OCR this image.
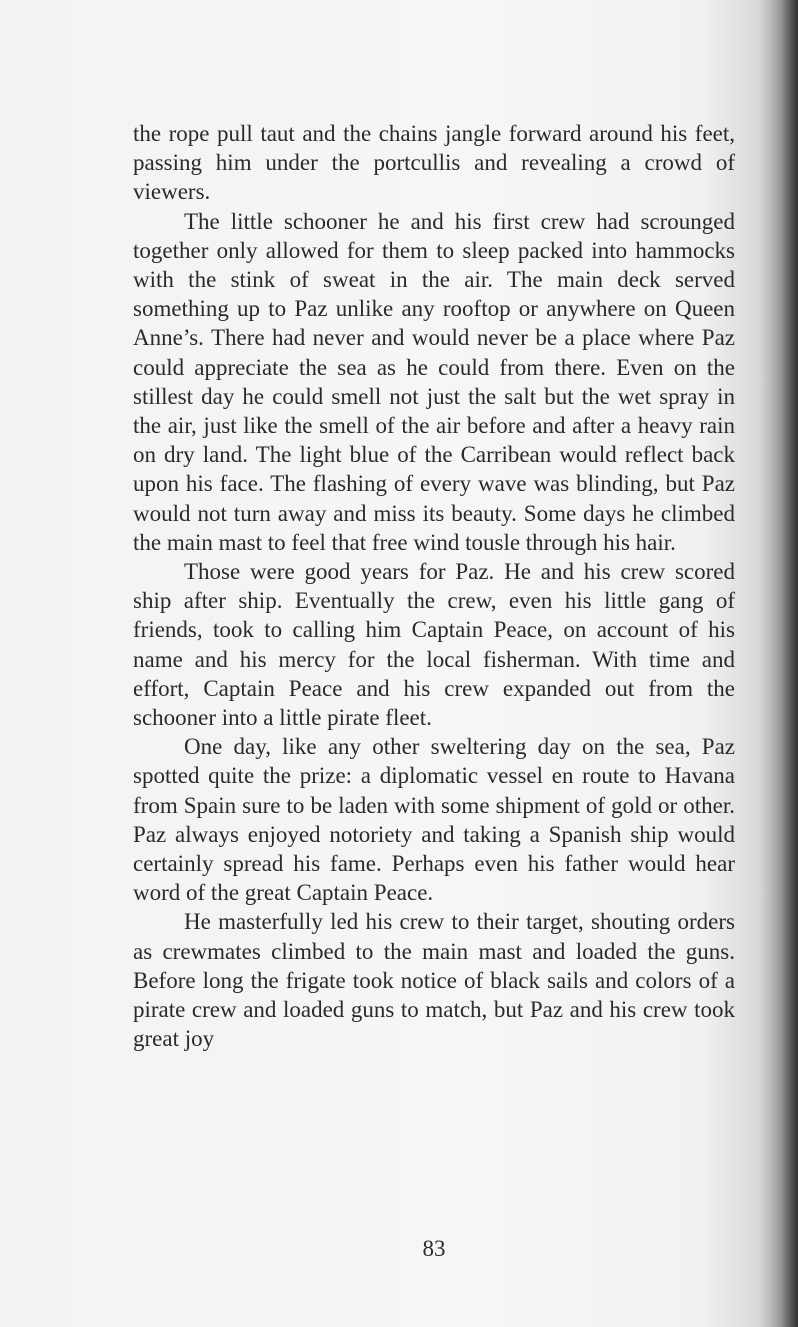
the rope pull taut and the chains jangle forward around his feet, passing him under the portcullis and revealing a crowd of viewers.

The little schooner he and his first crew had scrounged together only allowed for them to sleep packed into hammocks with the stink of sweat in the air. The main deck served something up to Paz unlike any rooftop or anywhere on Queen Anne’s. There had never and would never be a place where Paz could appreciate the sea as he could from there. Even on the stillest day he could smell not just the salt but the wet spray in the air, just like the smell of the air before and after a heavy rain on dry land. The light blue of the Carribean would reflect back upon his face. The flashing of every wave was blinding, but Paz would not turn away and miss its beauty. Some days he climbed the main mast to feel that free wind tousle through his hair.

Those were good years for Paz. He and his crew scored ship after ship. Eventually the crew, even his little gang of friends, took to calling him Captain Peace, on account of his name and his mercy for the local fisherman. With time and effort, Captain Peace and his crew expanded out from the schooner into a little pirate fleet.

One day, like any other sweltering day on the sea, Paz spotted quite the prize: a diplomatic vessel en route to Havana from Spain sure to be laden with some shipment of gold or other. Paz always enjoyed notoriety and taking a Spanish ship would certainly spread his fame. Perhaps even his father would hear word of the great Captain Peace.

He masterfully led his crew to their target, shouting orders as crewmates climbed to the main mast and loaded the guns. Before long the frigate took notice of black sails and colors of a pirate crew and loaded guns to match, but Paz and his crew took great joy

83
